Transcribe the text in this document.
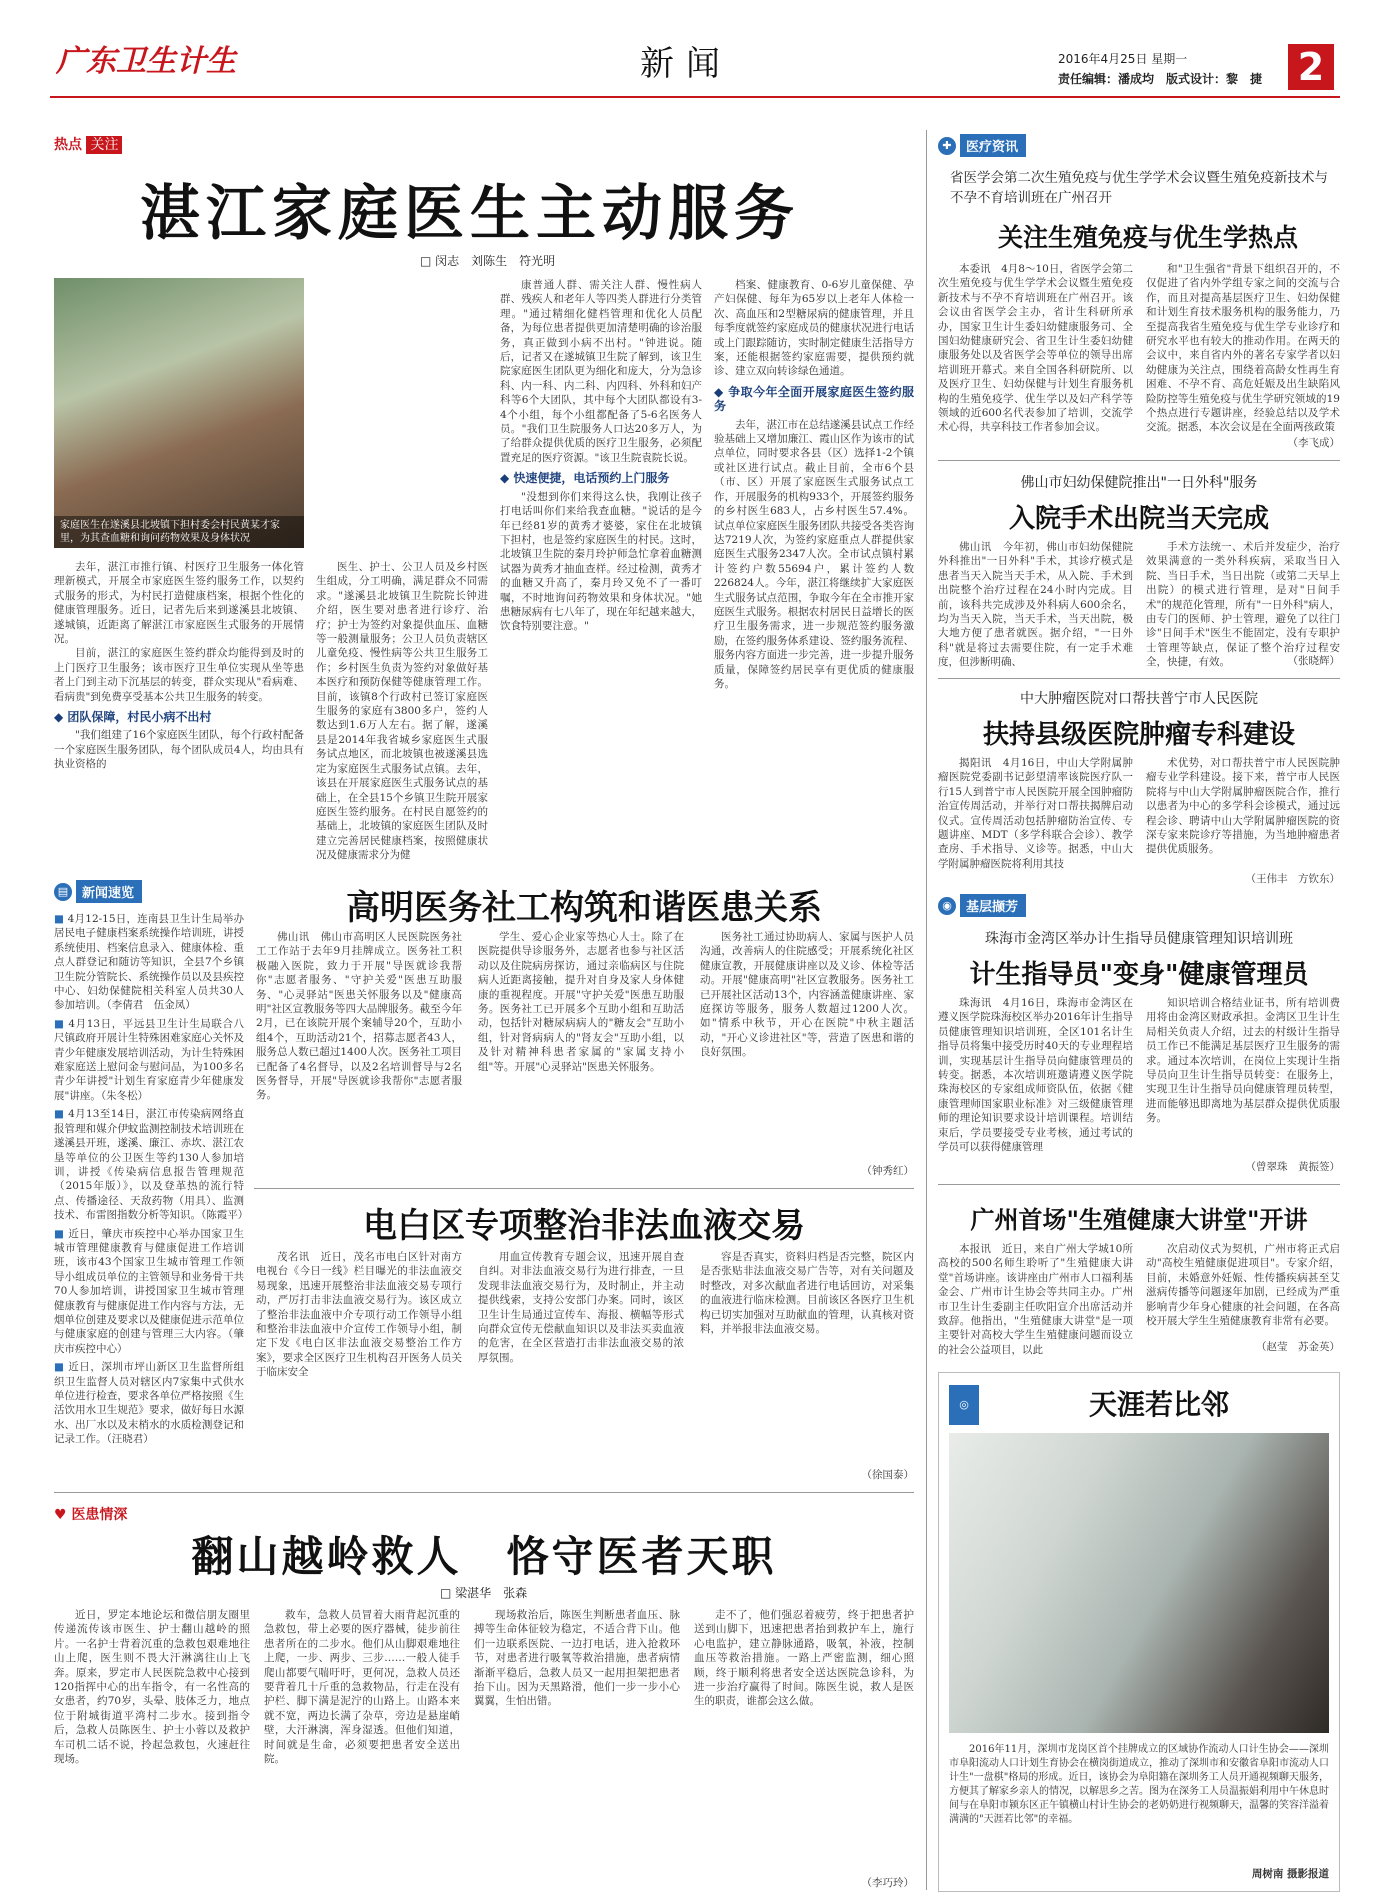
广东卫生计生	新闻	2016年4月25日 星期一
责任编辑：潘成均　版式设计：黎　捷 2
热点 关注
湛江家庭医生主动服务
□ 闵志　刘陈生　符光明
家庭医生在遂溪县北坡镇下担村委会村民黄某才家里，为其查血糖和询问药物效果及身体状况

去年，湛江市推行镇、村医疗卫生服务一体化管理新模式，开展全市家庭医生签约服务工作，以契约式服务的形式，为村民打造健康档案，根据个性化的健康管理服务。近日，记者先后来到遂溪县北坡镇、遂城镇，近距离了解湛江市家庭医生式服务的开展情况。

目前，湛江的家庭医生签约群众均能得到及时的上门医疗卫生服务；该市医疗卫生单位实现从坐等患者上门到主动下沉基层的转变，群众实现从"看病难、看病贵"到免费享受基本公共卫生服务的转变。

◆ 团队保障，村民小病不出村

"我们组建了16个家庭医生团队，每个行政村配备一个家庭医生服务团队，每个团队成员4人，均由具有执业资格的

医生、护士、公卫人员及乡村医生组成，分工明确，满足群众不同需求。"遂溪县北坡镇卫生院院长钟进介绍，医生要对患者进行诊疗、治疗；护士为签约对象提供血压、血糖等一般测量服务；公卫人员负责辖区儿童免疫、慢性病等公共卫生服务工作；乡村医生负责为签约对象做好基本医疗和预防保健等健康管理工作。目前，该镇8个行政村已签订家庭医生服务的家庭有3800多户，签约人数达到1.6万人左右。据了解，遂溪县是2014年我省城乡家庭医生式服务试点地区，而北坡镇也被遂溪县选定为家庭医生式服务试点镇。去年，该县在开展家庭医生式服务试点的基础上，在全县15个乡镇卫生院开展家庭医生签约服务。在村民自愿签约的基础上，北坡镇的家庭医生团队及时建立完善居民健康档案，按照健康状况及健康需求分为健

康普通人群、需关注人群、慢性病人群、残疾人和老年人等四类人群进行分类管理。"通过精细化健档管理和优化人员配备，为每位患者提供更加清楚明确的诊治服务，真正做到小病不出村。"钟进说。随后，记者又在遂城镇卫生院了解到，该卫生院家庭医生团队更为细化和庞大，分为急诊科、内一科、内二科、内四科、外科和妇产科等6个大团队，其中每个大团队都设有3-4个小组，每个小组都配备了5-6名医务人员。"我们卫生院服务人口达20多万人，为了给群众提供优质的医疗卫生服务，必须配置充足的医疗资源。"该卫生院袁院长说。

◆ 快速便捷，电话预约上门服务

"没想到你们来得这么快，我刚让孩子打电话叫你们来给我查血糖。"说话的是今年已经81岁的黄秀才婆婆，家住在北坡镇下担村，也是签约家庭医生的村民。这时，北坡镇卫生院的秦月玲护师急忙拿着血糖测试器为黄秀才抽血查样。经过检测，黄秀才的血糖又升高了，秦月玲又免不了一番叮嘱，不时地询问药物效果和身体状况。"她患糖尿病有七八年了，现在年纪越来越大，饮食特别要注意。"

档案、健康教育、0-6岁儿童保健、孕产妇保健、每年为65岁以上老年人体检一次、高血压和2型糖尿病的健康管理，并且每季度就签约家庭成员的健康状况进行电话或上门跟踪随访，实时制定健康生活指导方案，还能根据签约家庭需要，提供预约就诊、建立双向转诊绿色通道。

◆ 争取今年全面开展家庭医生签约服务

去年，湛江市在总结遂溪县试点工作经验基础上又增加廉江、霞山区作为该市的试点单位，同时要求各县（区）选择1-2个镇或社区进行试点。截止目前，全市6个县（市、区）开展了家庭医生式服务试点工作，开展服务的机构933个，开展签约服务的乡村医生683人，占乡村医生57.4%。试点单位家庭医生服务团队共接受各类咨询达7219人次，为签约家庭重点人群提供家庭医生式服务2347人次。全市试点镇村累计签约户数55694户，累计签约人数226824人。今年，湛江将继续扩大家庭医生式服务试点范围，争取今年在全市推开家庭医生式服务。根据农村居民日益增长的医疗卫生服务需求，进一步规范签约服务激励，在签约服务体系建设、签约服务流程、服务内容方面进一步完善，进一步提升服务质量，保障签约居民享有更优质的健康服务。

✚	医疗资讯
省医学会第二次生殖免疫与优生学学术会议暨生殖免疫新技术与不孕不育培训班在广州召开
关注生殖免疫与优生学热点
本委讯　4月8～10日，省医学会第二次生殖免疫与优生学学术会议暨生殖免疫新技术与不孕不育培训班在广州召开。该会议由省医学会主办，省计生科研所承办，国家卫生计生委妇幼健康服务司、全国妇幼健康研究会、省卫生计生委妇幼健康服务处以及省医学会等单位的领导出席培训班开幕式。来自全国各科研院所、以及医疗卫生、妇幼保健与计划生育服务机构的生殖免疫学、优生学以及妇产科学等领域的近600名代表参加了培训，交流学术心得，共享科技工作者参加会议。
和"卫生强省"背景下组织召开的，不仅促进了省内外学组专家之间的交流与合作，而且对提高基层医疗卫生、妇幼保健和计划生育技术服务机构的服务能力，乃至提高我省生殖免疫与优生学专业诊疗和研究水平也有较大的推动作用。在两天的会议中，来自省内外的著名专家学者以妇幼健康为关注点，围绕着高龄女性再生育困难、不孕不育、高危妊娠及出生缺陷风险防控等生殖免疫与优生学研究领域的19个热点进行专题讲座，经验总结以及学术交流。据悉，本次会议是在全面两孩政策
（李飞成）
佛山市妇幼保健院推出"一日外科"服务
入院手术出院当天完成
佛山讯　今年初，佛山市妇幼保健院外科推出"一日外科"手术，其诊疗模式是患者当天入院当天手术，从入院、手术到出院整个治疗过程在24小时内完成。目前，该科共完成涉及外科病人600余名，均为当天入院，当天手术，当天出院，极大地方便了患者就医。据介绍，"一日外科"就是将过去需要住院，有一定手术难度，但涉断明确、
手术方法统一、术后并发症少，治疗效果满意的一类外科疾病，采取当日入院、当日手术，当日出院（或第二天早上出院）的模式进行管理，是对"日间手术"的规范化管理，所有"一日外科"病人，由专门的医师、护士管理，避免了以往门诊"日间手术"医生不能固定，没有专职护士管理等缺点，保证了整个治疗过程安全，快捷，有效。	（张晓辉）
中大肿瘤医院对口帮扶普宁市人民医院
扶持县级医院肿瘤专科建设
揭阳讯　4月16日，中山大学附属肿瘤医院党委副书记彭望清率该院医疗队一行15人到普宁市人民医院开展全国肿瘤防治宣传周活动，并举行对口帮扶揭牌启动仪式。宣传周活动包括肿瘤防治宣传、专题讲座、MDT（多学科联合会诊）、教学查房、手术指导、义诊等。据悉，中山大学附属肿瘤医院将利用其技
术优势，对口帮扶普宁市人民医院肿瘤专业学科建设。接下来，普宁市人民医院将与中山大学附属肿瘤医院合作，推行以患者为中心的多学科会诊模式，通过远程会诊、聘请中山大学附属肿瘤医院的资深专家来院诊疗等措施，为当地肿瘤患者提供优质服务。
（王伟丰　方钦东）
◉	基层撷芳
珠海市金湾区举办计生指导员健康管理知识培训班
计生指导员"变身"健康管理员
珠海讯　4月16日，珠海市金湾区在遵义医学院珠海校区举办2016年计生指导员健康管理知识培训班，全区101名计生指导员将集中接受历时40天的专业理程培训，实现基层计生指导员向健康管理员的转变。据悉，本次培训班邀请遵义医学院珠海校区的专家组成师资队伍，依据《健康管理师国家职业标准》对三级健康管理师的理论知识要求设计培训课程。培训结束后，学员要接受专业考核，通过考试的学员可以获得健康管理
知识培训合格结业证书，所有培训费用将由金湾区财政承担。金湾区卫生计生局相关负责人介绍，过去的村级计生指导员工作已不能满足基层医疗卫生服务的需求。通过本次培训，在岗位上实现计生指导员向卫生计生指导员转变：在服务上，实现卫生计生指导员向健康管理员转型，进而能够迅即离地为基层群众提供优质服务。
（曾翠珠　黄振签）
广州首场"生殖健康大讲堂"开讲
本报讯　近日，来自广州大学城10所高校的500名师生聆听了"生殖健康大讲堂"首场讲座。该讲座由广州市人口福利基金会、广州市计生协会等共同主办。广州市卫生计生委副主任吹阳宣介出席活动并致辞。他指出，"生殖健康大讲堂"是一项主要针对高校大学生生殖健康问题而设立的社会公益项目，以此
次启动仪式为契机，广州市将正式启动"高校生殖健康促进项目"。专家介绍，目前，未婚意外妊娠、性传播疾病甚至艾滋病传播等问题逐年加剧，已经成为严重影响青少年身心健康的社会问题，在各高校开展大学生生殖健康教育非常有必要。
（赵莹　苏金英）
◎	天涯若比邻
2016年11月，深圳市龙岗区首个挂牌成立的区域协作流动人口计生协会——深圳市阜阳流动人口计划生育协会在横岗街道成立，推动了深圳市和安徽省阜阳市流动人口计生"一盘棋"格局的形成。近日，该协会为阜阳籍在深圳务工人员开通视频聊天服务，方便其了解家乡亲人的情况，以解思乡之苦。图为在深务工人员温振娟利用中午休息时间与在阜阳市颍东区正午镇横山村计生协会的老奶奶进行视频聊天，温馨的笑容洋溢着满满的"天涯若比邻"的幸福。
周树南 摄影报道
▤	新闻速览
■ 4月12-15日，连南县卫生计生局举办居民电子健康档案系统操作培训班，讲授系统使用、档案信息录入、健康体检、重点人群登记和随访等知识，全县7个乡镇卫生院分管院长、系统操作员以及县疾控中心、妇幼保健院相关科室人员共30人参加培训。（李倩君　伍金凤）
■ 4月13日，平远县卫生计生局联合八尺镇政府开展计生特殊困难家庭心关怀及青少年健康发展培训活动，为计生特殊困难家庭送上慰问金与慰问品，为100多名青少年讲授"计划生育家庭青少年健康发展"讲座。（朱冬松）
■ 4月13至14日，湛江市传染病网络直报管理和媒介伊蚊监测控制技术培训班在遂溪县开班，遂溪、廉江、赤坎、湛江农垦等单位的公卫医生等约130人参加培训，讲授《传染病信息报告管理规范（2015年版）》，以及登革热的流行特点、传播途径、天敌药物（用具）、监测技术、布雷图指数分析等知识。（陈霞平）
■ 近日，肇庆市疾控中心举办国家卫生城市管理健康教育与健康促进工作培训班，该市43个国家卫生城市管理工作领导小组成员单位的主管领导和业务骨干共70人参加培训，讲授国家卫生城市管理健康教育与健康促进工作内容与方法，无烟单位创建及要求以及健康促进示范单位与健康家庭的创建与管理三大内容。（肇庆市疾控中心）
■ 近日，深圳市坪山新区卫生监督所组织卫生监督人员对辖区内7家集中式供水单位进行检查，要求各单位严格按照《生活饮用水卫生规范》要求，做好每日水源水、出厂水以及末梢水的水质检测登记和记录工作。（汪晓君）
高明医务社工构筑和谐医患关系
佛山讯　佛山市高明区人民医院医务社工工作站于去年9月挂牌成立。医务社工积极融入医院，致力于开展"导医就诊我帮你"志愿者服务、"守护关爱"医患互助服务、"心灵驿站"医患关怀服务以及"健康高明"社区宣教服务等四大品牌服务。截至今年2月，已在该院开展个案辅导20个，互助小组4个，互助活动21个，招募志愿者43人，服务总人数已超过1400人次。医务社工项目已配备了4名督导，以及2名培训督导与2名医务督导，开展"导医就诊我帮你"志愿者服务。
学生、爱心企业家等热心人士。除了在医院提供导诊服务外，志愿者也参与社区活动以及住院病房探访，通过亲临病区与住院病人近距离接触，提升对自身及家人身体健康的重视程度。开展"守护关爱"医患互助服务。医务社工已开展多个互助小组和互助活动，包括针对糖尿病病人的"糖友会"互助小组，针对肾病病人的"肾友会"互助小组，以及针对精神科患者家属的"家属支持小组"等。开展"心灵驿站"医患关怀服务。
医务社工通过协助病人、家属与医护人员沟通，改善病人的住院感受；开展系统化社区健康宣教，开展健康讲座以及义诊、体检等活动。开展"健康高明"社区宣教服务。医务社工已开展社区活动13个，内容涵盖健康讲座、家庭探访等服务，服务人数超过1200人次。如"情系中秋节，开心在医院"中秋主题活动，"开心义诊进社区"等，营造了医患和谐的良好氛围。
（钟秀红）
电白区专项整治非法血液交易
茂名讯　近日，茂名市电白区针对南方电视台《今日一线》栏目曝光的非法血液交易现象，迅速开展整治非法血液交易专项行动，严厉打击非法血液交易行为。该区成立了整治非法血液中介专项行动工作领导小组和整治非法血液中介宣传工作领导小组，制定下发《电白区非法血液交易整治工作方案》，要求全区医疗卫生机构召开医务人员关于临床安全
用血宣传教育专题会议，迅速开展自查自纠。对非法血液交易行为进行排查，一旦发现非法血液交易行为，及时制止，并主动提供线索，支持公安部门办案。同时，该区卫生计生局通过宣传车、海报、横幅等形式向群众宣传无偿献血知识以及非法买卖血液的危害，在全区营造打击非法血液交易的浓厚氛围。
容是否真实，资料归档是否完整，院区内是否张贴非法血液交易广告等，对有关问题及时整改，对多次献血者进行电话回访，对采集的血液进行临床检测。目前该区各医疗卫生机构已切实加强对互助献血的管理，认真核对资料，并举报非法血液交易。
（徐国泰）
♥ 医患情深
翻山越岭救人　恪守医者天职
□ 梁湛华　张森
近日，罗定本地论坛和微信朋友圈里传递流传该市医生、护士翻山越岭的照片。一名护士背着沉重的急救包艰难地往山上爬，医生则不畏大汗淋漓往山上飞奔。原来，罗定市人民医院急救中心接到120指挥中心的出车指令，有一名性高的女患者，约70岁，头晕、肢体乏力，地点位于附城街道平湾村二步水。接到指令后，急救人员陈医生、护士小蓉以及救护车司机二话不说，拎起急救包，火速赶往现场。
救车，急救人员冒着大雨背起沉重的急救包，带上必要的医疗器械，徒步前往患者所在的二步水。他们从山脚艰难地往上爬，一步、两步、三步……一般人徒手爬山都要气喘吁吁，更何况，急救人员还要背着几十斤重的急救物品，行走在没有护栏、脚下满是泥泞的山路上。山路本来就不宽，两边长满了杂草，旁边是悬崖峭壁，大汗淋漓，浑身湿透。但他们知道，时间就是生命，必须要把患者安全送出院。
现场救治后，陈医生判断患者血压、脉搏等生命体征较为稳定，不适合背下山。他们一边联系医院、一边打电话，进入抢救环节，对患者进行吸氧等救治措施，患者病情渐渐平稳后，急救人员又一起用担架把患者抬下山。因为天黑路滑，他们一步一步小心翼翼，生怕出错。
走不了，他们强忍着疲劳，终于把患者护送到山脚下，迅速把患者抬到救护车上，施行心电监护，建立静脉通路，吸氧，补液，控制血压等救治措施。一路上严密监测，细心照顾，终于顺利将患者安全送达医院急诊科，为进一步治疗赢得了时间。陈医生说，救人是医生的职责，谁都会这么做。
（李巧玲）
